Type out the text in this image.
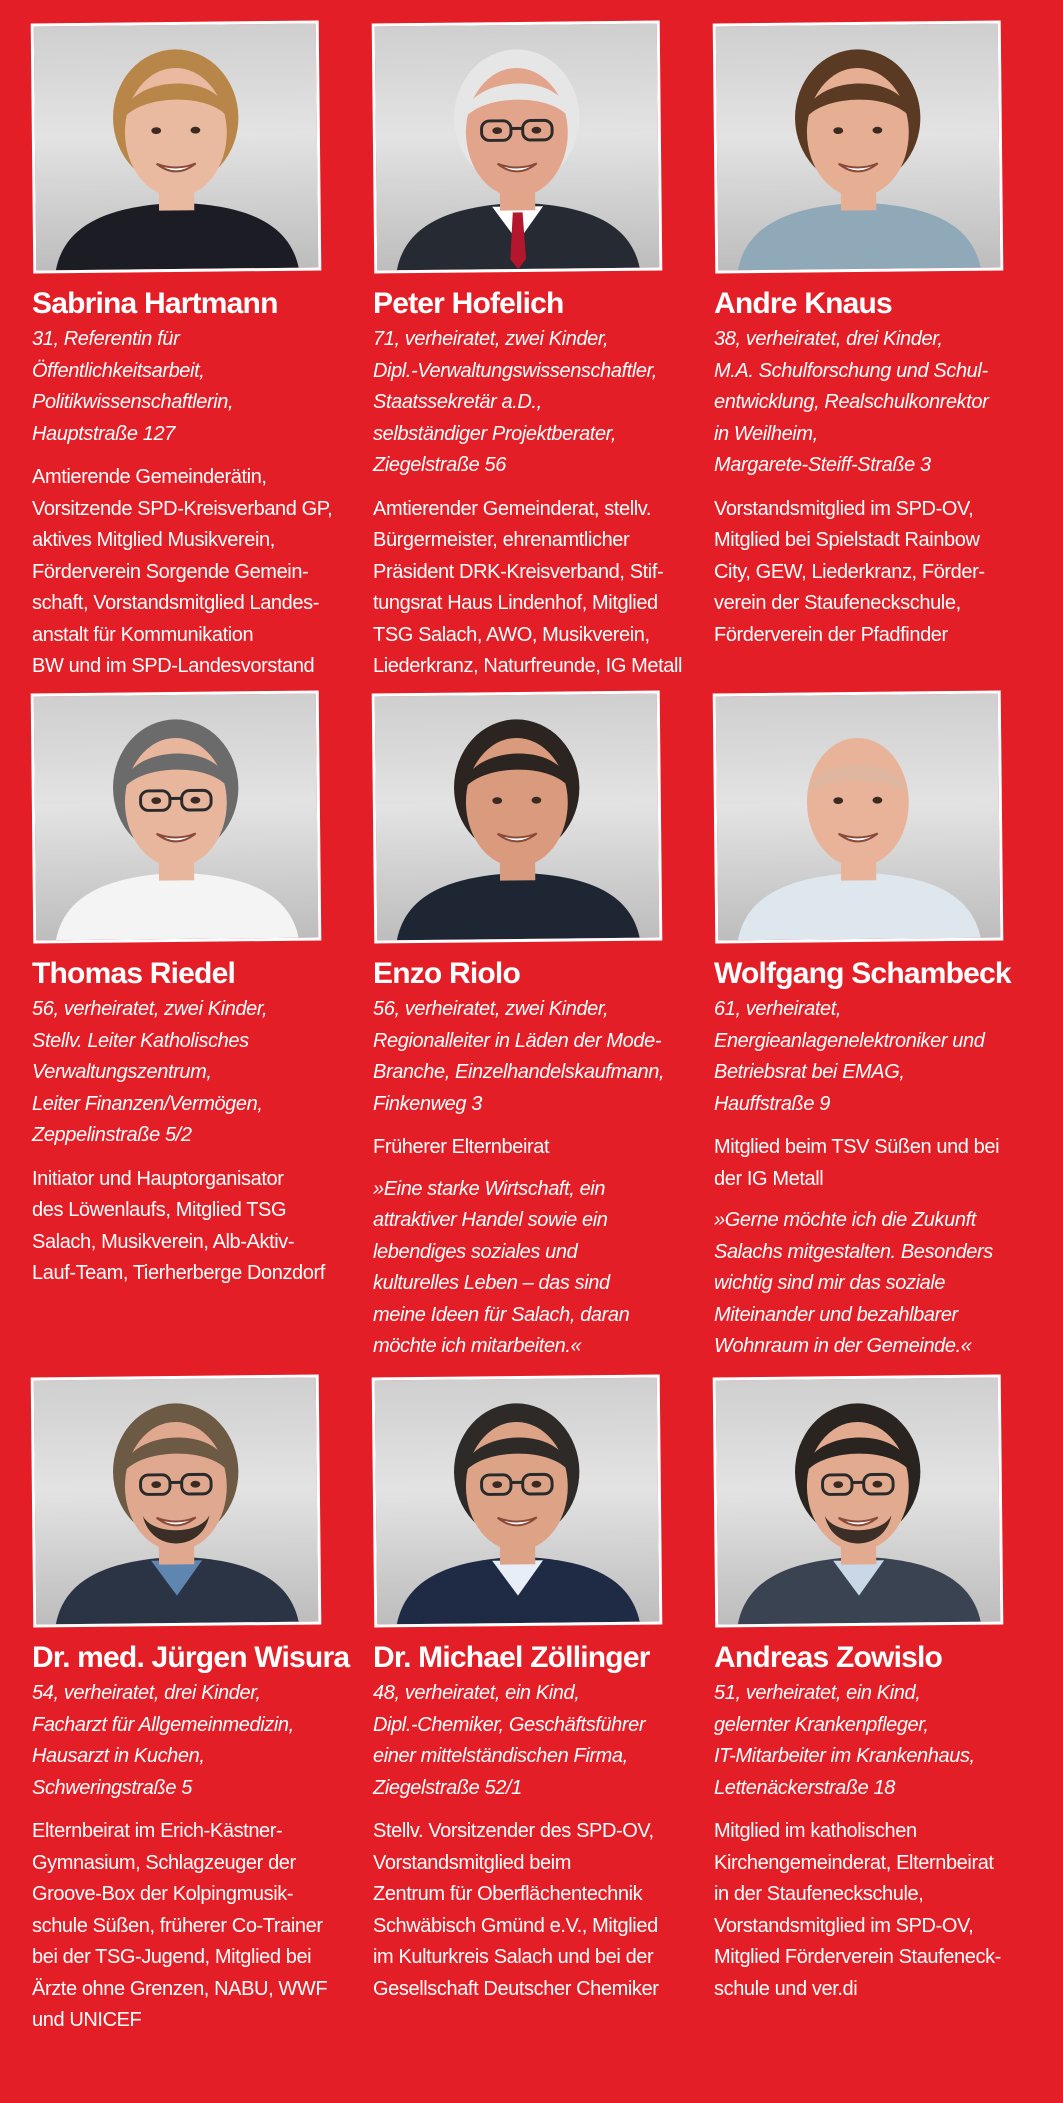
Sabrina Hartmann
31, Referentin für
Öffentlichkeitsarbeit,
Politikwissenschaftlerin,
Hauptstraße 127
Amtierende Gemeinderätin,
Vorsitzende SPD-Kreisverband GP,
aktives Mitglied Musikverein,
Förderverein Sorgende Gemein-
schaft, Vorstandsmitglied Landes-
anstalt für Kommunikation
BW und im SPD-Landesvorstand
Peter Hofelich
71, verheiratet, zwei Kinder,
Dipl.-Verwaltungswissenschaftler,
Staatssekretär a.D.,
selbständiger Projektberater,
Ziegelstraße 56
Amtierender Gemeinderat, stellv.
Bürgermeister, ehrenamtlicher
Präsident DRK-Kreisverband, Stif-
tungsrat Haus Lindenhof, Mitglied
TSG Salach, AWO, Musikverein,
Liederkranz, Naturfreunde, IG Metall
Andre Knaus
38, verheiratet, drei Kinder,
M.A. Schulforschung und Schul-
entwicklung, Realschulkonrektor
in Weilheim,
Margarete-Steiff-Straße 3
Vorstandsmitglied im SPD-OV,
Mitglied bei Spielstadt Rainbow
City, GEW, Liederkranz, Förder-
verein der Staufeneckschule,
Förderverein der Pfadfinder
Thomas Riedel
56, verheiratet, zwei Kinder,
Stellv. Leiter Katholisches
Verwaltungszentrum,
Leiter Finanzen/Vermögen,
Zeppelinstraße 5/2
Initiator und Hauptorganisator
des Löwenlaufs, Mitglied TSG
Salach, Musikverein, Alb-Aktiv-
Lauf-Team, Tierherberge Donzdorf
Enzo Riolo
56, verheiratet, zwei Kinder,
Regionalleiter in Läden der Mode-
Branche, Einzelhandelskaufmann,
Finkenweg 3
Früherer Elternbeirat
»Eine starke Wirtschaft, ein
attraktiver Handel sowie ein
lebendiges soziales und
kulturelles Leben – das sind
meine Ideen für Salach, daran
möchte ich mitarbeiten.«
Wolfgang Schambeck
61, verheiratet,
Energieanlagenelektroniker und
Betriebsrat bei EMAG,
Hauffstraße 9
Mitglied beim TSV Süßen und bei
der IG Metall
»Gerne möchte ich die Zukunft
Salachs mitgestalten. Besonders
wichtig sind mir das soziale
Miteinander und bezahlbarer
Wohnraum in der Gemeinde.«
Dr. med. Jürgen Wisura
54, verheiratet, drei Kinder,
Facharzt für Allgemeinmedizin,
Hausarzt in Kuchen,
Schweringstraße 5
Elternbeirat im Erich-Kästner-
Gymnasium, Schlagzeuger der
Groove-Box der Kolpingmusik-
schule Süßen, früherer Co-Trainer
bei der TSG-Jugend, Mitglied bei
Ärzte ohne Grenzen, NABU, WWF
und UNICEF
Dr. Michael Zöllinger
48, verheiratet, ein Kind,
Dipl.-Chemiker, Geschäftsführer
einer mittelständischen Firma,
Ziegelstraße 52/1
Stellv. Vorsitzender des SPD-OV,
Vorstandsmitglied beim
Zentrum für Oberflächentechnik
Schwäbisch Gmünd e.V., Mitglied
im Kulturkreis Salach und bei der
Gesellschaft Deutscher Chemiker
Andreas Zowislo
51, verheiratet, ein Kind,
gelernter Krankenpfleger,
IT-Mitarbeiter im Krankenhaus,
Lettenäckerstraße 18
Mitglied im katholischen
Kirchengemeinderat, Elternbeirat
in der Staufeneckschule,
Vorstandsmitglied im SPD-OV,
Mitglied Förderverein Staufeneck-
schule und ver.di
